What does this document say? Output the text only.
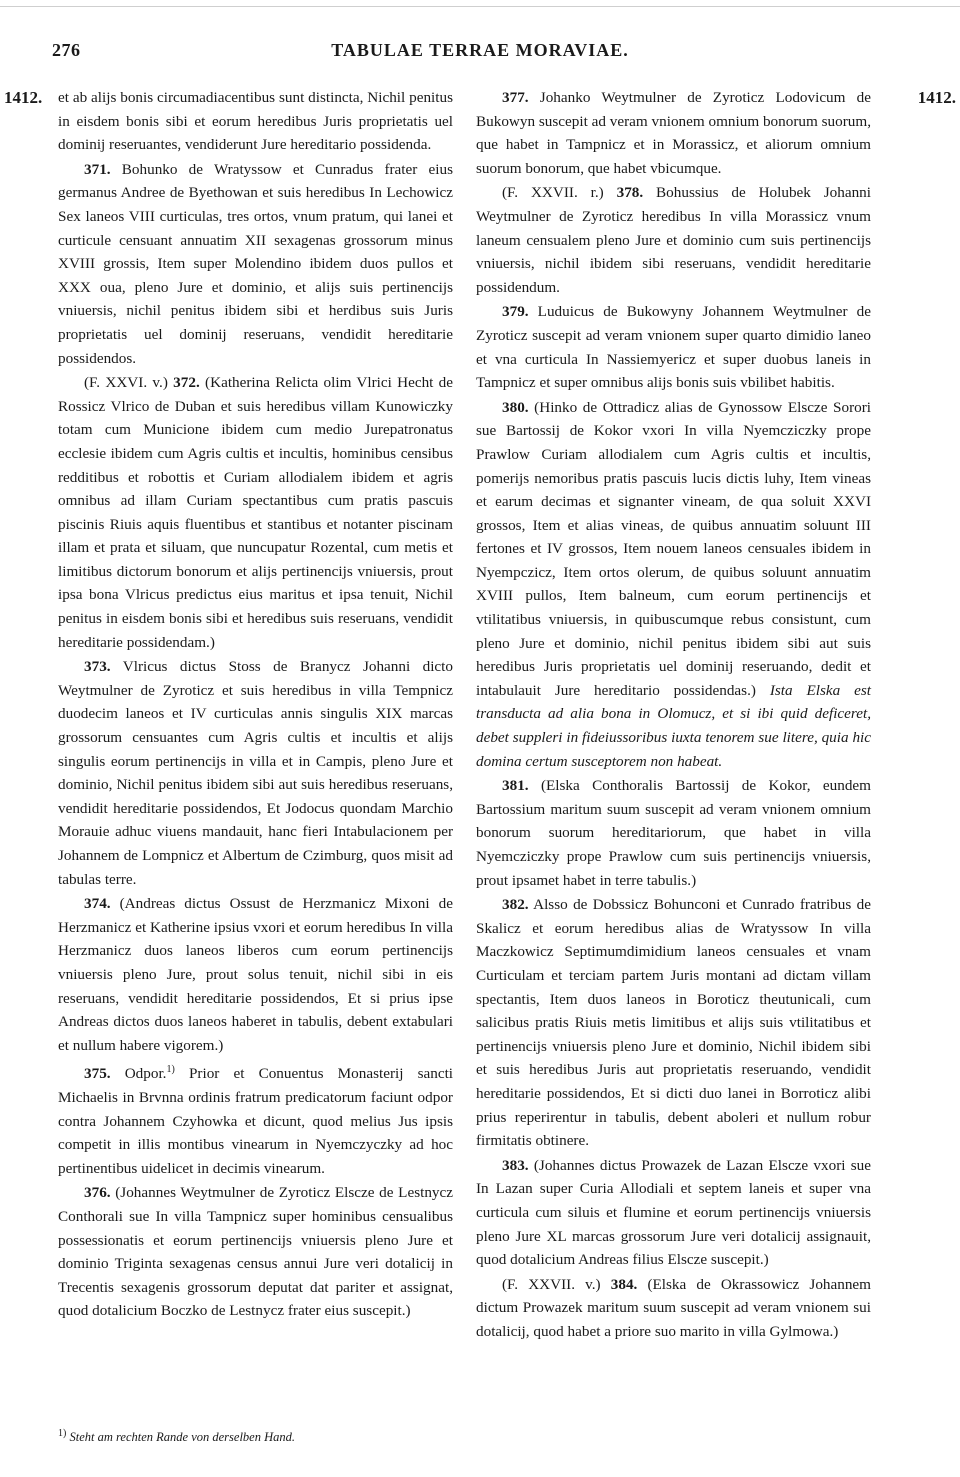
276	TABULAE TERRAE MORAVIAE.
1412.	1412.

et ab alijs bonis circumadiacentibus sunt distincta, Nichil penitus in eisdem bonis sibi et eorum heredibus Juris proprietatis uel dominij reseruantes, vendiderunt Jure hereditario possidenda.

371. Bohunko de Wratyssow et Cunradus frater eius germanus Andree de Byethowan et suis heredibus In Lechowicz Sex laneos VIII curticulas, tres ortos, vnum pratum, qui lanei et curticule censuant annuatim XII sexagenas grossorum minus XVIII grossis, Item super Molendino ibidem duos pullos et XXX oua, pleno Jure et dominio, et alijs suis pertinencijs vniuersis, nichil penitus ibidem sibi et herdibus suis Juris proprietatis uel dominij reseruans, vendidit hereditarie possidendos.

(F. XXVI. v.) 372. (Katherina Relicta olim Vlrici Hecht de Rossicz Vlrico de Duban et suis heredibus villam Kunowiczky totam cum Municione ibidem cum medio Jurepatronatus ecclesie ibidem cum Agris cultis et incultis, hominibus censibus redditibus et robottis et Curiam allodialem ibidem et agris omnibus ad illam Curiam spectantibus cum pratis pascuis piscinis Riuis aquis fluentibus et stantibus et notanter piscinam illam et prata et siluam, que nuncupatur Rozental, cum metis et limitibus dictorum bonorum et alijs pertinencijs vniuersis, prout ipsa bona Vlricus predictus eius maritus et ipsa tenuit, Nichil penitus in eisdem bonis sibi et heredibus suis reseruans, vendidit hereditarie possidendam.)

373. Vlricus dictus Stoss de Branycz Johanni dicto Weytmulner de Zyroticz et suis heredibus in villa Tempnicz duodecim laneos et IV curticulas annis singulis XIX marcas grossorum censuantes cum Agris cultis et incultis et alijs singulis eorum pertinencijs in villa et in Campis, pleno Jure et dominio, Nichil penitus ibidem sibi aut suis heredibus reseruans, vendidit hereditarie possidendos, Et Jodocus quondam Marchio Morauie adhuc viuens mandauit, hanc fieri Intabulacionem per Johannem de Lompnicz et Albertum de Czimburg, quos misit ad tabulas terre.

374. (Andreas dictus Ossust de Herzmanicz Mixoni de Herzmanicz et Katherine ipsius vxori et eorum heredibus In villa Herzmanicz duos laneos liberos cum eorum pertinencijs vniuersis pleno Jure, prout solus tenuit, nichil sibi in eis reseruans, vendidit hereditarie possidendos, Et si prius ipse Andreas dictos duos laneos haberet in tabulis, debent extabulari et nullum habere vigorem.)

375. Odpor.$^{1)}$ Prior et Conuentus Monasterij sancti Michaelis in Brvnna ordinis fratrum predicatorum faciunt odpor contra Johannem Czyhowka et dicunt, quod melius Jus ipsis competit in illis montibus vinearum in Nyemczyczky ad hoc pertinentibus uidelicet in decimis vinearum.

376. (Johannes Weytmulner de Zyroticz Elscze de Lestnycz Conthorali sue In villa Tampnicz super hominibus censualibus possessionatis et eorum pertinencijs vniuersis pleno Jure et dominio Triginta sexagenas census annui Jure veri dotalicij in Trecentis sexagenis grossorum deputat dat pariter et assignat, quod dotalicium Boczko de Lestnycz frater eius suscepit.)

377. Johanko Weytmulner de Zyroticz Lodovicum de Bukowyn suscepit ad veram vnionem omnium bonorum suorum, que habet in Tampnicz et in Morassicz, et aliorum omnium suorum bonorum, que habet vbicumque.

(F. XXVII. r.) 378. Bohussius de Holubek Johanni Weytmulner de Zyroticz heredibus In villa Morassicz vnum laneum censualem pleno Jure et dominio cum suis pertinencijs vniuersis, nichil ibidem sibi reseruans, vendidit hereditarie possidendum.

379. Luduicus de Bukowyny Johannem Weytmulner de Zyroticz suscepit ad veram vnionem super quarto dimidio laneo et vna curticula In Nassiemyericz et super duobus laneis in Tampnicz et super omnibus alijs bonis suis vbilibet habitis.

380. (Hinko de Ottradicz alias de Gynossow Elscze Sorori sue Bartossij de Kokor vxori In villa Nyemcziczky prope Prawlow Curiam allodialem cum Agris cultis et incultis, pomerijs nemoribus pratis pascuis lucis dictis luhy, Item vineas et earum decimas et signanter vineam, de qua soluit XXVI grossos, Item et alias vineas, de quibus annuatim soluunt III fertones et IV grossos, Item nouem laneos censuales ibidem in Nyempczicz, Item ortos olerum, de quibus soluunt annuatim XVIII pullos, Item balneum, cum eorum pertinencijs et vtilitatibus vniuersis, in quibuscumque rebus consistunt, cum pleno Jure et dominio, nichil penitus ibidem sibi aut suis heredibus Juris proprietatis uel dominij reseruando, dedit et intabulauit Jure hereditario possidendas.) Ista Elska est transducta ad alia bona in Olomucz, et si ibi quid deficeret, debet suppleri in fideiussoribus iuxta tenorem sue litere, quia hic domina certum susceptorem non habeat.

381. (Elska Conthoralis Bartossij de Kokor, eundem Bartossium maritum suum suscepit ad veram vnionem omnium bonorum suorum hereditariorum, que habet in villa Nyemcziczky prope Prawlow cum suis pertinencijs vniuersis, prout ipsamet habet in terre tabulis.)

382. Alsso de Dobssicz Bohunconi et Cunrado fratribus de Skalicz et eorum heredibus alias de Wratyssow In villa Maczkowicz Septimumdimidium laneos censuales et vnam Curticulam et terciam partem Juris montani ad dictam villam spectantis, Item duos laneos in Boroticz theutunicali, cum salicibus pratis Riuis metis limitibus et alijs suis vtilitatibus et pertinencijs vniuersis pleno Jure et dominio, Nichil ibidem sibi et suis heredibus Juris aut proprietatis reseruando, vendidit hereditarie possidendos, Et si dicti duo lanei in Borroticz alibi prius reperirentur in tabulis, debent aboleri et nullum robur firmitatis obtinere.

383. (Johannes dictus Prowazek de Lazan Elscze vxori sue In Lazan super Curia Allodiali et septem laneis et super vna curticula cum siluis et flumine et eorum pertinencijs vniuersis pleno Jure XL marcas grossorum Jure veri dotalicij assignauit, quod dotalicium Andreas filius Elscze suscepit.)

(F. XXVII. v.) 384. (Elska de Okrassowicz Johannem dictum Prowazek maritum suum suscepit ad veram vnionem sui dotalicij, quod habet a priore suo marito in villa Gylmowa.)

$^{1)}$ Steht am rechten Rande von derselben Hand.
